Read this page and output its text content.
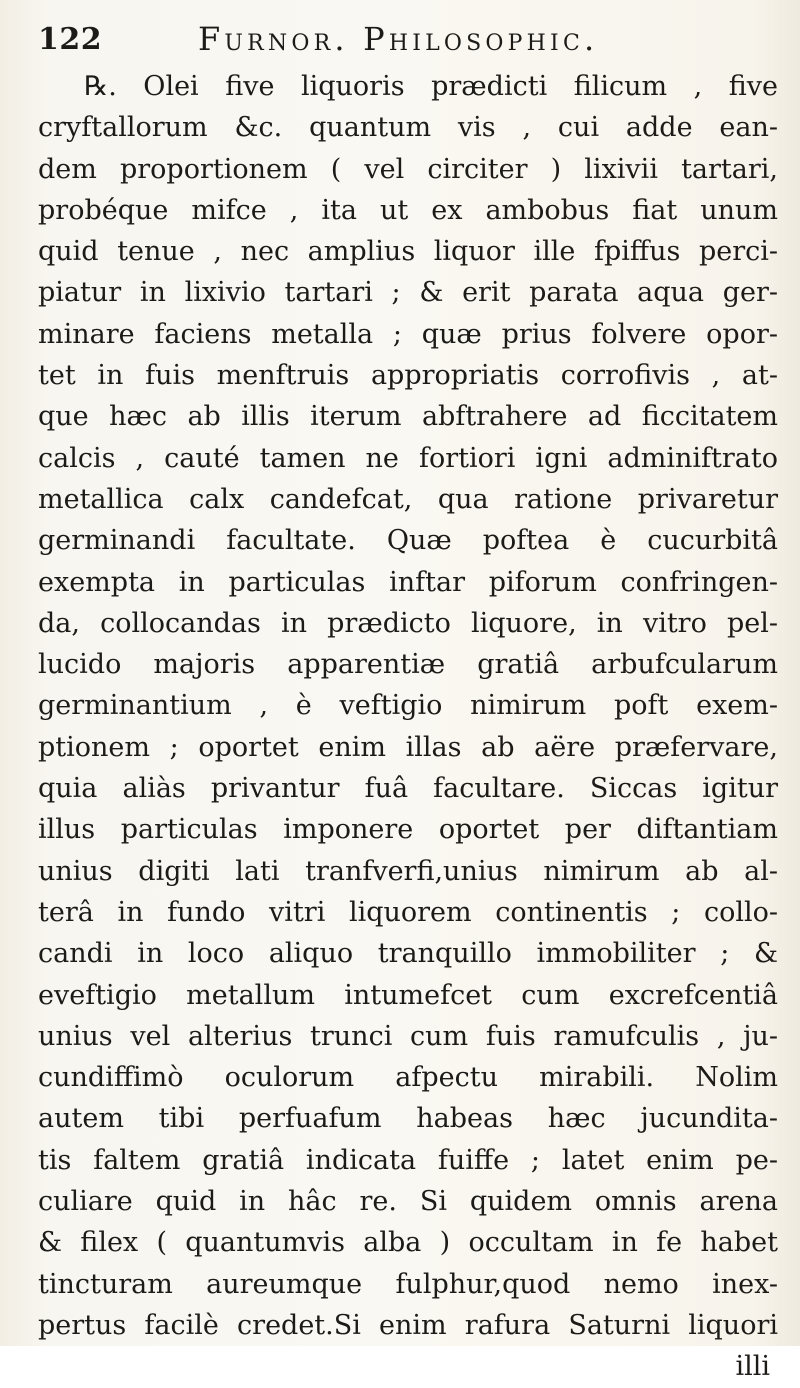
122	Furnor. Philosophic.
℞. Olei five liquoris prædicti filicum , five
cryftallorum &c. quantum vis , cui adde ean-
dem proportionem ( vel circiter ) lixivii tartari,
probéque mifce , ita ut ex ambobus fiat unum
quid tenue , nec amplius liquor ille fpiffus perci-
piatur in lixivio tartari ; & erit parata aqua ger-
minare faciens metalla ; quæ prius folvere opor-
tet in fuis menftruis appropriatis corrofivis , at-
que hæc ab illis iterum abftrahere ad ficcitatem
calcis , cauté tamen ne fortiori igni adminiftrato
metallica calx candefcat, qua ratione privaretur
germinandi facultate. Quæ poftea è cucurbitâ
exempta in particulas inftar piforum confringen-
da, collocandas in prædicto liquore, in vitro pel-
lucido majoris apparentiæ gratiâ arbufcularum
germinantium , è veftigio nimirum poft exem-
ptionem ; oportet enim illas ab aëre præfervare,
quia aliàs privantur fuâ facultare. Siccas igitur
illus particulas imponere oportet per diftantiam
unius digiti lati tranfverfi,unius nimirum ab al-
terâ in fundo vitri liquorem continentis ; collo-
candi in loco aliquo tranquillo immobiliter ; &
eveftigio metallum intumefcet cum excrefcentiâ
unius vel alterius trunci cum fuis ramufculis , ju-
cundiffimò oculorum afpectu mirabili. Nolim
autem tibi perfuafum habeas hæc jucundita-
tis faltem gratiâ indicata fuiffe ; latet enim pe-
culiare quid in hâc re. Si quidem omnis arena
& filex ( quantumvis alba ) occultam in fe habet
tincturam aureumque fulphur,quod nemo inex-
pertus facilè credet.Si enim rafura Saturni liquori
illi
